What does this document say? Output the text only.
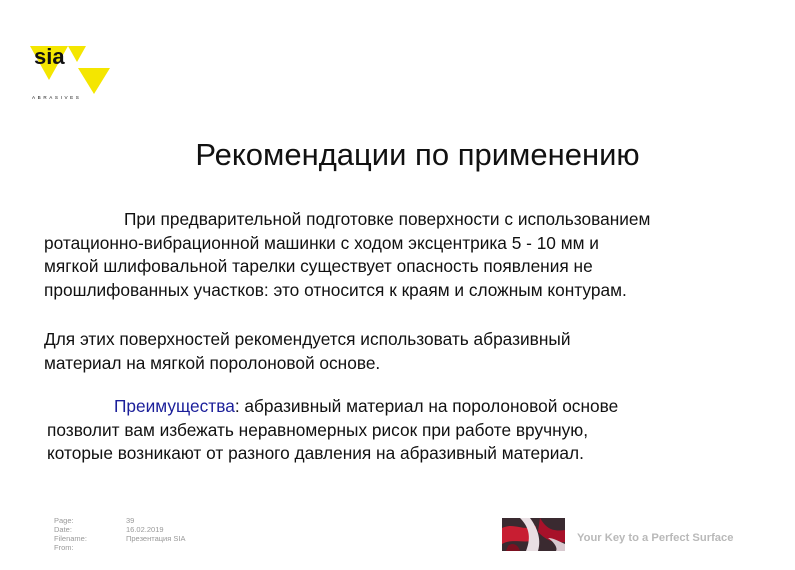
sia
ABRASIVES
Рекомендации по применению
При предварительной подготовке поверхности с использованием
ротационно-вибрационной машинки с ходом эксцентрика 5 - 10 мм и
мягкой шлифовальной тарелки существует опасность появления не
прошлифованных участков: это относится к краям и сложным контурам.
Для этих поверхностей рекомендуется использовать абразивный
материал на мягкой поролоновой основе.
Преимущества: абразивный материал на поролоновой основе
позволит вам избежать неравномерных рисок при работе вручную,
которые возникают от разного давления на абразивный материал.
Page:	39
Date:	16.02.2019
Filename:	Презентация SIA
From:
Your Key to a Perfect Surface
